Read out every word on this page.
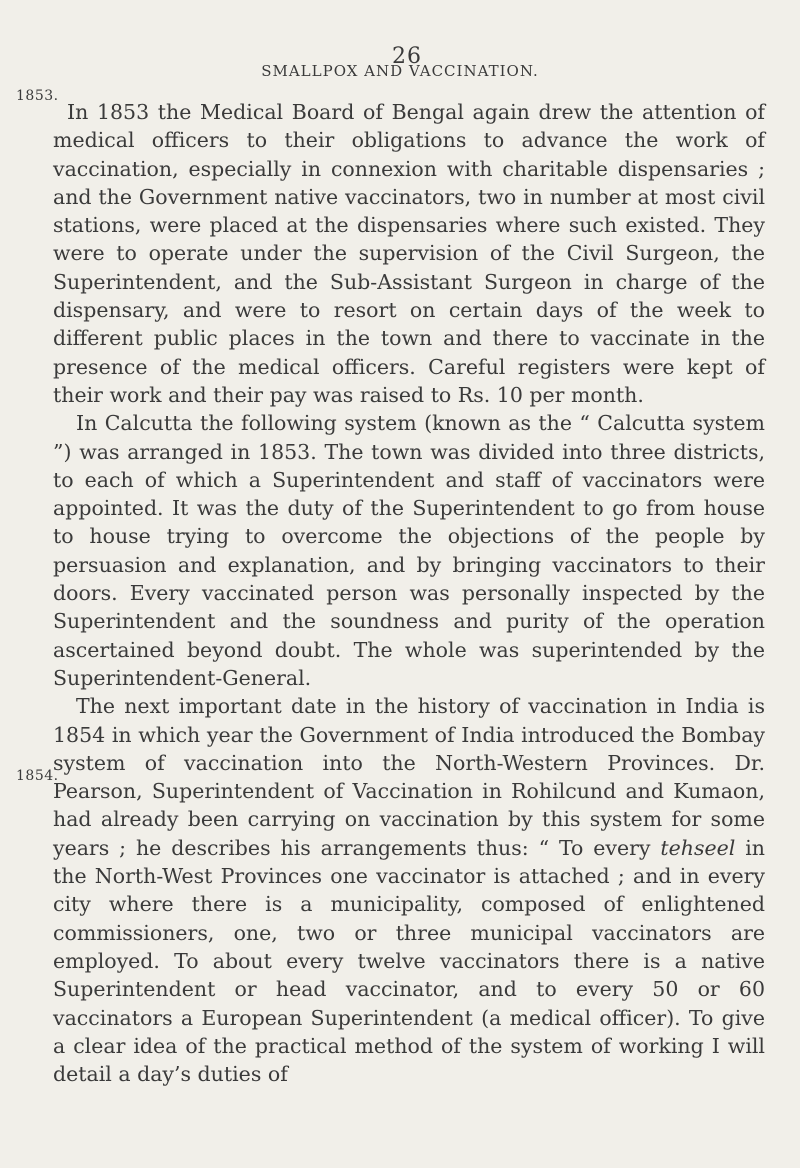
26
SMALLPOX AND VACCINATION.
1853.
1854.

In 1853 the Medical Board of Bengal again drew the attention of medical officers to their obligations to advance the work of vaccination, especially in connexion with charitable dispensaries ; and the Government native vaccinators, two in number at most civil stations, were placed at the dispensaries where such existed. They were to operate under the supervision of the Civil Surgeon, the Superintendent, and the Sub-Assistant Surgeon in charge of the dispensary, and were to resort on certain days of the week to different public places in the town and there to vaccinate in the presence of the medical officers. Careful registers were kept of their work and their pay was raised to Rs. 10 per month.

In Calcutta the following system (known as the “ Calcutta system ”) was arranged in 1853. The town was divided into three districts, to each of which a Superintendent and staff of vaccinators were appointed. It was the duty of the Superintendent to go from house to house trying to overcome the objections of the people by persuasion and explanation, and by bringing vaccinators to their doors. Every vaccinated person was personally inspected by the Superintendent and the soundness and purity of the operation ascertained beyond doubt. The whole was superintended by the Superintendent-General.

The next important date in the history of vaccination in India is 1854 in which year the Government of India introduced the Bombay system of vaccination into the North-Western Provinces. Dr. Pearson, Superintendent of Vaccination in Rohilcund and Kumaon, had already been carrying on vaccination by this system for some years ; he describes his arrangements thus: “ To every tehseel in the North-West Provinces one vaccinator is attached ; and in every city where there is a municipality, composed of enlightened commissioners, one, two or three municipal vaccinators are employed. To about every twelve vaccinators there is a native Superintendent or head vaccinator, and to every 50 or 60 vaccinators a European Superintendent (a medical officer). To give a clear idea of the practical method of the system of working I will detail a day’s duties of
